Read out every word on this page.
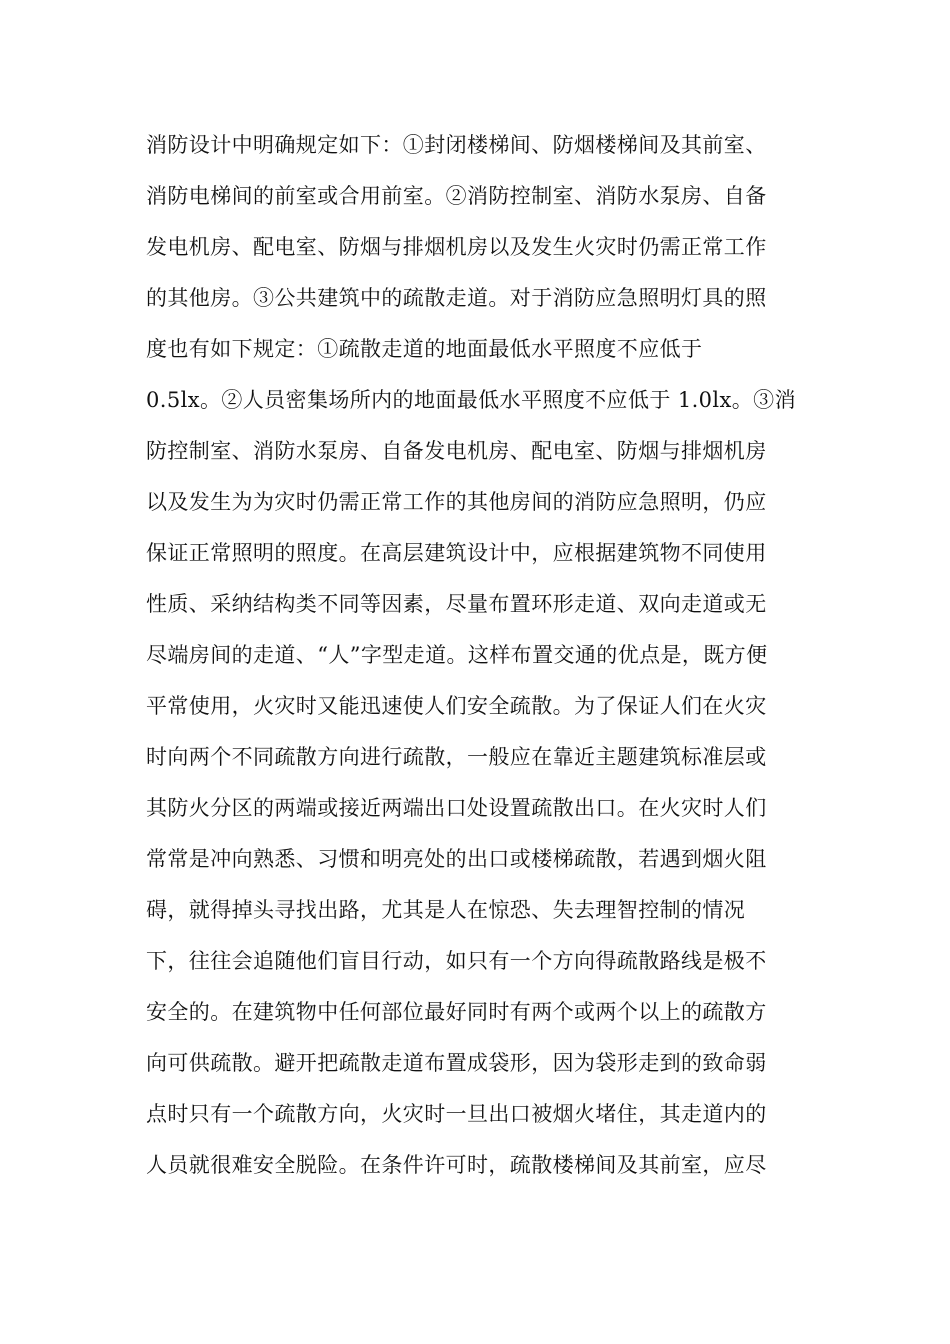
消防设计中明确规定如下：①封闭楼梯间、防烟楼梯间及其前室、
消防电梯间的前室或合用前室。②消防控制室、消防水泵房、自备
发电机房、配电室、防烟与排烟机房以及发生火灾时仍需正常工作
的其他房。③公共建筑中的疏散走道。对于消防应急照明灯具的照
度也有如下规定：①疏散走道的地面最低水平照度不应低于
0.5lx。②人员密集场所内的地面最低水平照度不应低于 1.0lx。③消
防控制室、消防水泵房、自备发电机房、配电室、防烟与排烟机房
以及发生为为灾时仍需正常工作的其他房间的消防应急照明，仍应
保证正常照明的照度。在高层建筑设计中，应根据建筑物不同使用
性质、采纳结构类不同等因素，尽量布置环形走道、双向走道或无
尽端房间的走道、“人”字型走道。这样布置交通的优点是，既方便
平常使用，火灾时又能迅速使人们安全疏散。为了保证人们在火灾
时向两个不同疏散方向进行疏散，一般应在靠近主题建筑标准层或
其防火分区的两端或接近两端出口处设置疏散出口。在火灾时人们
常常是冲向熟悉、习惯和明亮处的出口或楼梯疏散，若遇到烟火阻
碍，就得掉头寻找出路，尤其是人在惊恐、失去理智控制的情况
下，往往会追随他们盲目行动，如只有一个方向得疏散路线是极不
安全的。在建筑物中任何部位最好同时有两个或两个以上的疏散方
向可供疏散。避开把疏散走道布置成袋形，因为袋形走到的致命弱
点时只有一个疏散方向，火灾时一旦出口被烟火堵住，其走道内的
人员就很难安全脱险。在条件许可时，疏散楼梯间及其前室，应尽
